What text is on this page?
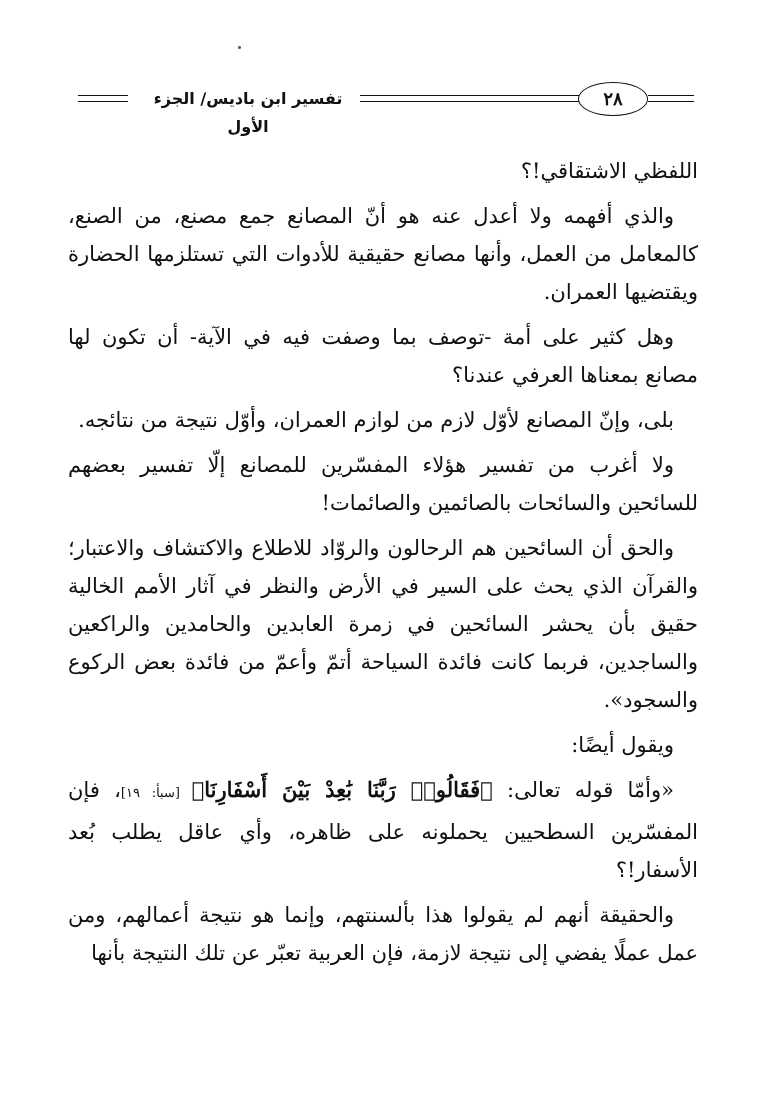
تفسير ابن باديس/ الجزء الأول
٢٨

اللفظي الاشتقاقي!؟

والذي أفهمه ولا أعدل عنه هو أنّ المصانع جمع مصنع، من الصنع، كالمعامل من العمل، وأنها مصانع حقيقية للأدوات التي تستلزمها الحضارة ويقتضيها العمران.

وهل كثير على أمة -توصف بما وصفت فيه في الآية- أن تكون لها مصانع بمعناها العرفي عندنا؟

بلى، وإنّ المصانع لأوّل لازم من لوازم العمران، وأوّل نتيجة من نتائجه.

ولا أغرب من تفسير هؤلاء المفسّرين للمصانع إلّا تفسير بعضهم للسائحين والسائحات بالصائمين والصائمات!

والحق أن السائحين هم الرحالون والروّاد للاطلاع والاكتشاف والاعتبار؛ والقرآن الذي يحث على السير في الأرض والنظر في آثار الأمم الخالية حقيق بأن يحشر السائحين في زمرة العابدين والحامدين والراكعين والساجدين، فربما كانت فائدة السياحة أتمّ وأعمّ من فائدة بعض الركوع والسجود».

ويقول أيضًا:

«وأمّا قوله تعالى: ﴿فَقَالُوا۟ رَبَّنَا بَٰعِدْ بَيْنَ أَسْفَارِنَا﴾ [سبأ: ١٩]، فإن المفسّرين السطحيين يحملونه على ظاهره، وأي عاقل يطلب بُعد الأسفار!؟

والحقيقة أنهم لم يقولوا هذا بألسنتهم، وإنما هو نتيجة أعمالهم، ومن عمل عملًا يفضي إلى نتيجة لازمة، فإن العربية تعبّر عن تلك النتيجة بأنها
